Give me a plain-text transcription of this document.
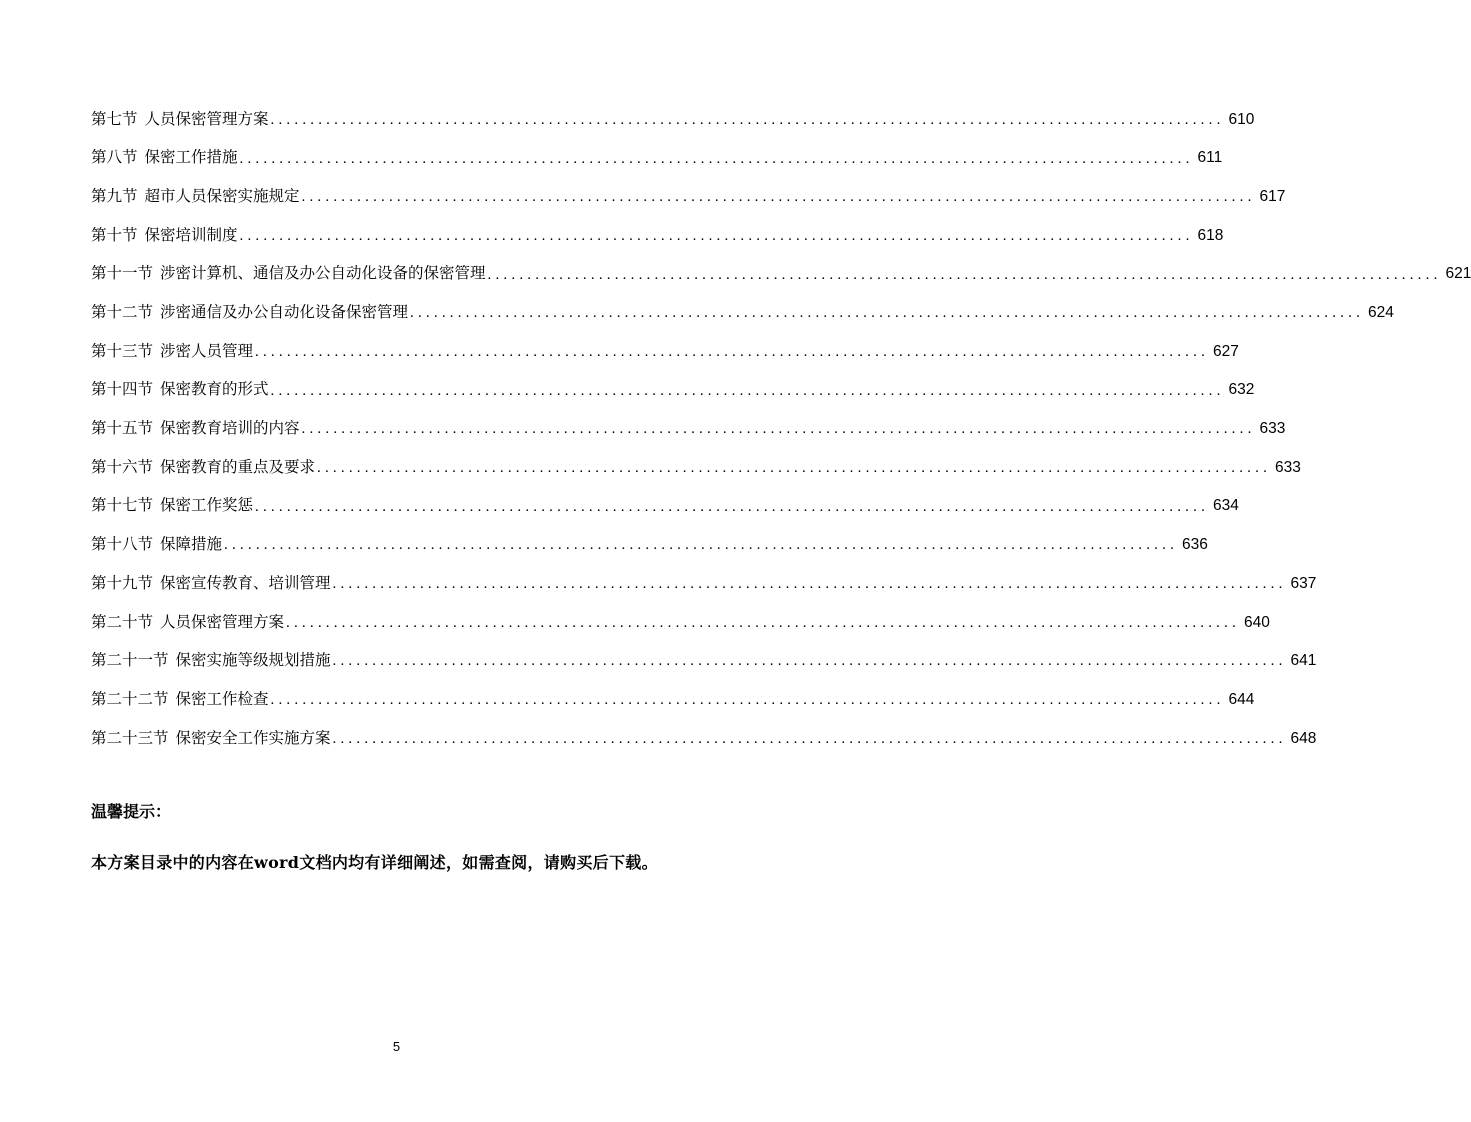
第七节 人员保密管理方案 ........................................................................................................................ 610
第八节 保密工作措施 ........................................................................................................................ 611
第九节 超市人员保密实施规定 ........................................................................................................................ 617
第十节 保密培训制度 ........................................................................................................................ 618
第十一节 涉密计算机、通信及办公自动化设备的保密管理 ........................................................................................................................ 621
第十二节 涉密通信及办公自动化设备保密管理 ........................................................................................................................ 624
第十三节 涉密人员管理 ........................................................................................................................ 627
第十四节 保密教育的形式 ........................................................................................................................ 632
第十五节 保密教育培训的内容 ........................................................................................................................ 633
第十六节 保密教育的重点及要求 ........................................................................................................................ 633
第十七节 保密工作奖惩 ........................................................................................................................ 634
第十八节 保障措施 ........................................................................................................................ 636
第十九节 保密宣传教育、培训管理 ........................................................................................................................ 637
第二十节 人员保密管理方案 ........................................................................................................................ 640
第二十一节 保密实施等级规划措施 ........................................................................................................................ 641
第二十二节 保密工作检查 ........................................................................................................................ 644
第二十三节 保密安全工作实施方案 ........................................................................................................................ 648

温馨提示：

本方案目录中的内容在word文档内均有详细阐述，如需查阅，请购买后下载。

5
